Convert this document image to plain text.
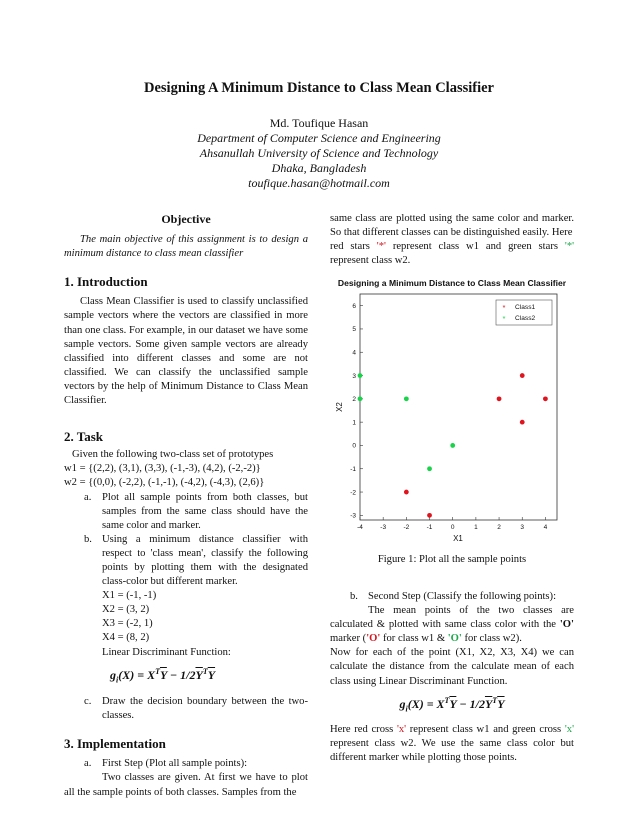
Designing A Minimum Distance to Class Mean Classifier
Md. Toufique Hasan
Department of Computer Science and Engineering
Ahsanullah University of Science and Technology
Dhaka, Bangladesh
toufique.hasan@hotmail.com
Objective
The main objective of this assignment is to design a minimum distance to class mean classifier
1. Introduction
Class Mean Classifier is used to classify unclassified sample vectors where the vectors are classified in more than one class. For example, in our dataset we have some sample vectors. Some given sample vectors are already classified into different classes and some are not classified. We can classify the unclassified sample vectors by the help of Minimum Distance to Class Mean Classifier.
2. Task
Given the following two-class set of prototypes
w1 = {(2,2), (3,1), (3,3), (-1,-3), (4,2), (-2,-2)}
w2 = {(0,0), (-2,2), (-1,-1), (-4,2), (-4,3), (2,6)}
a. Plot all sample points from both classes, but samples from the same class should have the same color and marker.
b. Using a minimum distance classifier with respect to 'class mean', classify the following points by plotting them with the designated class-color but different marker.
X1 = (-1, -1)
X2 = (3, 2)
X3 = (-2, 1)
X4 = (8, 2)
Linear Discriminant Function:
$g_i(X) = X^T\overline{Y} - 1/2\overline{Y}^T\overline{Y}$
c. Draw the decision boundary between the two-classes.
3. Implementation
a. First Step (Plot all sample points):
Two classes are given. At first we have to plot all the sample points of both classes. Samples from the
same class are plotted using the same color and marker. So that different classes can be distinguished easily. Here
red stars '*' represent class w1 and green stars '*' represent class w2.
Designing a Minimum Distance to Class Mean Classifier
-4	-3	-2	-1	0	1	2	3	4
-3
-2
-1
0
1
2
3
4
5
6
X1
X2
* Class1
* Class2
Figure 1: Plot all the sample points
b. Second Step (Classify the following points):
The mean points of the two classes are calculated & plotted with same class color with the 'O' marker ('O' for class w1 & 'O' for class w2).
Now for each of the point (X1, X2, X3, X4) we can calculate the distance from the calculate mean of each class using Linear Discriminant Function.
$g_i(X) = X^T\overline{Y} - 1/2\overline{Y}^T\overline{Y}$
Here red cross 'x' represent class w1 and green cross 'x' represent class w2. We use the same class color but different marker while plotting those points.
